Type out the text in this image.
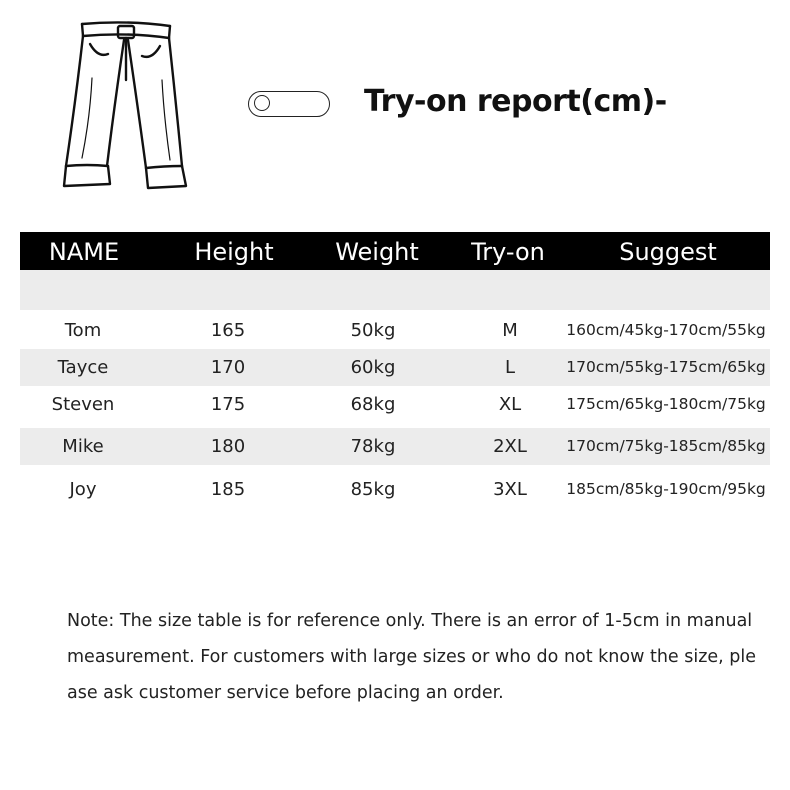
Try-on report(cm)-
NAME	Height	Weight	Try-on	Suggest
Tom	165	50kg	M	160cm/45kg-170cm/55kg
Tayce	170	60kg	L	170cm/55kg-175cm/65kg
Steven	175	68kg	XL	175cm/65kg-180cm/75kg
Mike	180	78kg	2XL	170cm/75kg-185cm/85kg
Joy	185	85kg	3XL	185cm/85kg-190cm/95kg
Note: The size table is for reference only. There is an error of 1-5cm in manual
measurement. For customers with large sizes or who do not know the size, ple
ase ask customer service before placing an order.
